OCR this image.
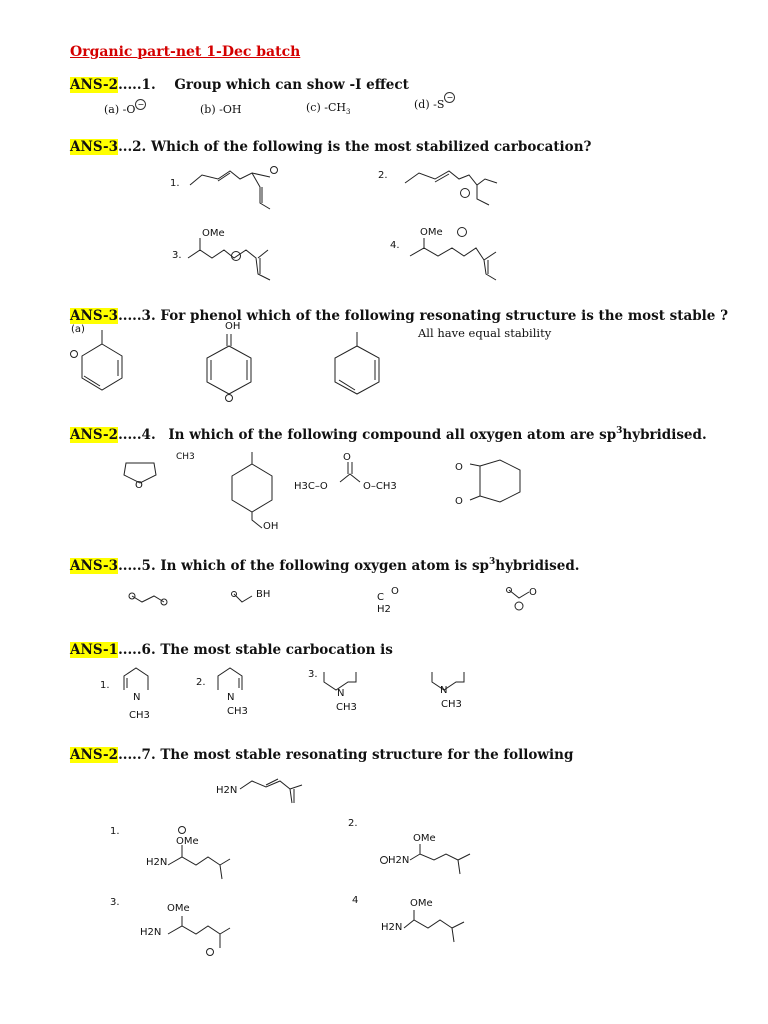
Organic part-net 1-Dec batch
ANS-2.....1. Group which can show -I effect
(a) -O −	(b) -OH	(c) $-CH_3$
(d) -S−
ANS-3...2. Which of the following is the most stabilized carbocation?
1.
2.
OMe
3.
OMe
4.
ANS-3.....3. For phenol which of the following resonating structure is the most stable ?
(a)	OH	All have equal stability
ANS-2.....4. In which of the following compound all oxygen atom are $sp^3hybridised$.
O
CH3
OH
H3C–O
O
O–CH3
O
O
ANS-3.....5. In which of the following oxygen atom is $sp^3hybridised$.
BH	C
O
H2
O
ANS-1.....6. The most stable carbocation is
1.
N
CH3
2.
N
CH3
3.
N
CH3
N
CH3
ANS-2.....7. The most stable resonating structure for the following
H2N
1.
OMe
H2N
2.
OMe
H2N
3.
OMe
H2N
4	OMe
H2N
